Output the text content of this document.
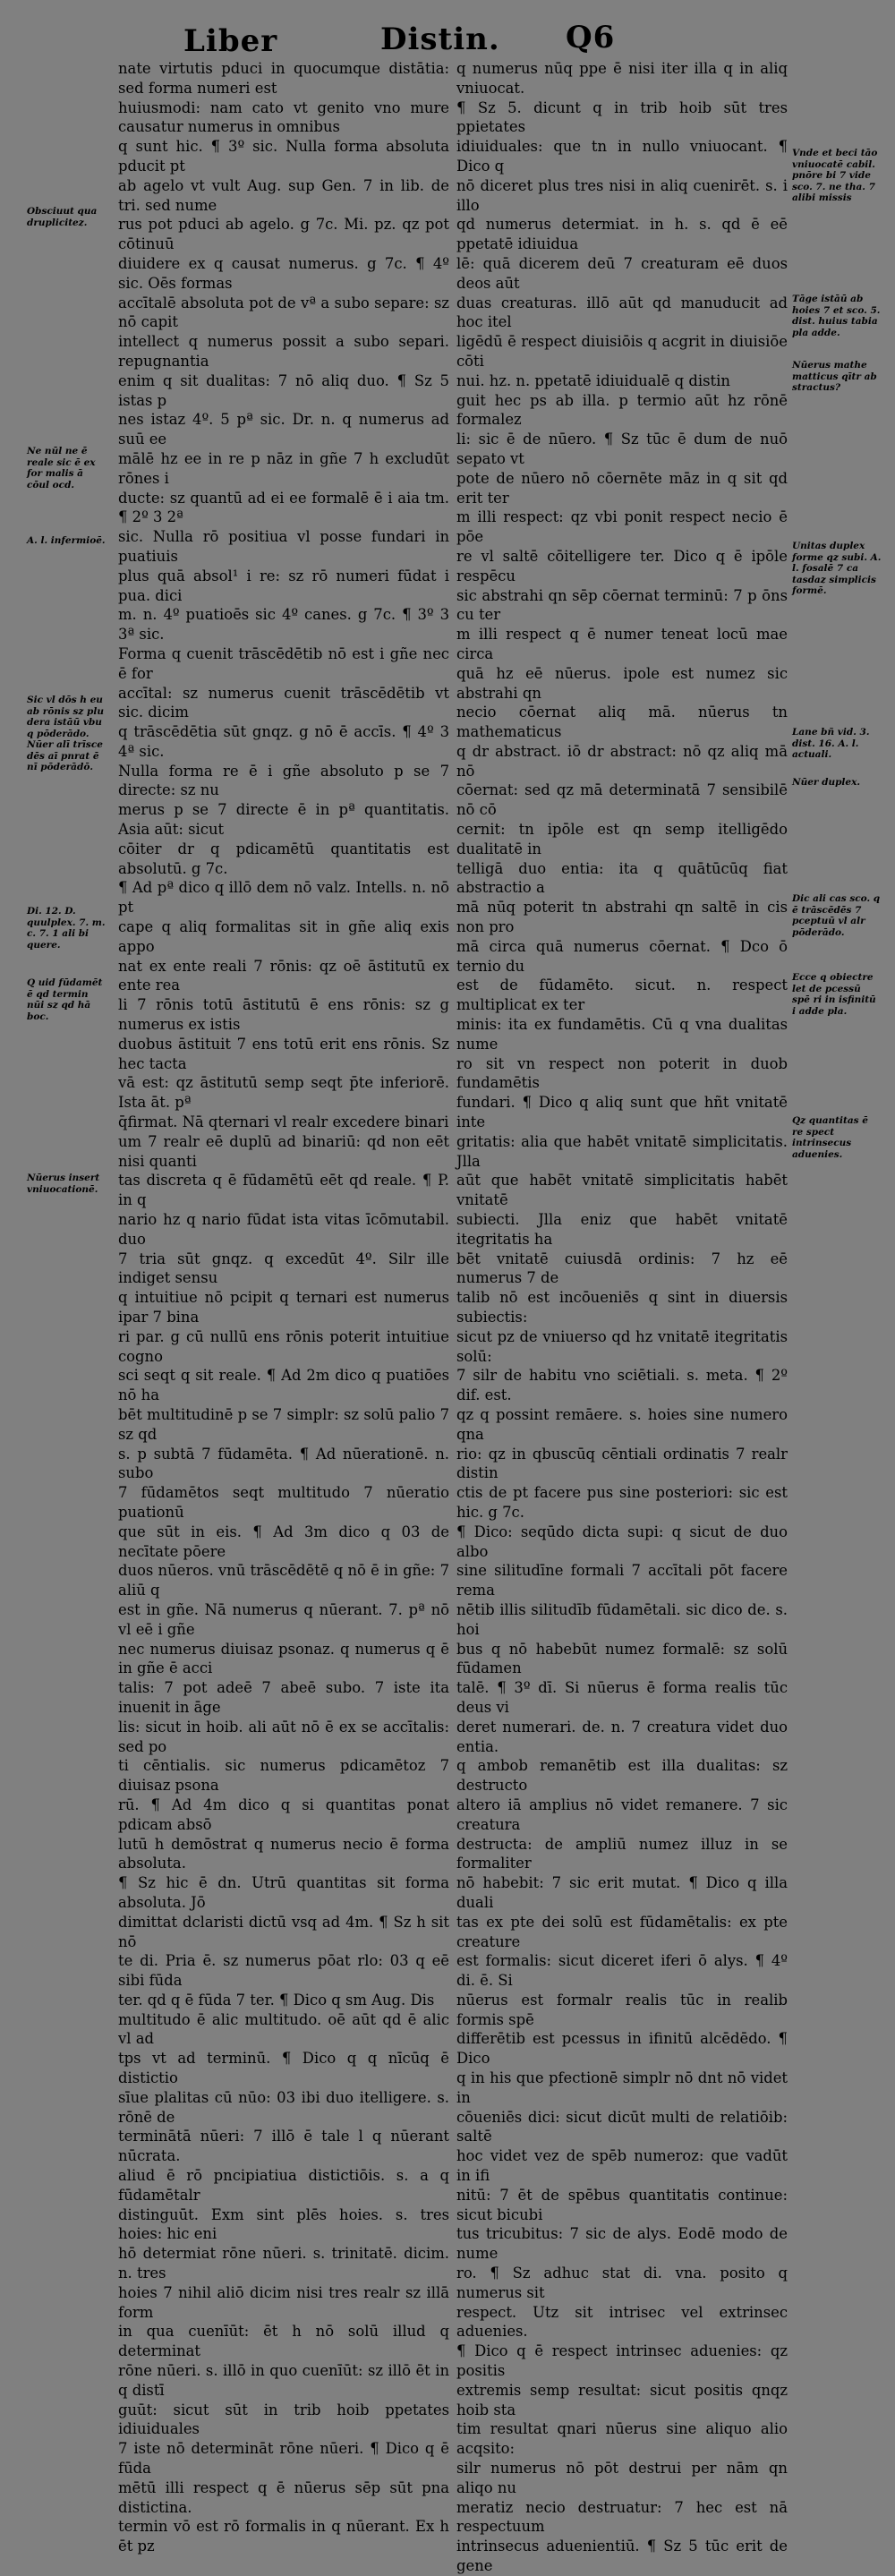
Liber	Distin. Q6

nate virtutis pduci in quocumque distātia: sed forma numeri est

huiusmodi: nam cato vt genito vno mure causatur numerus in omnibus

q sunt hic. ¶ 3º sic. Nulla forma absoluta pducit pt

ab agelo vt vult Aug. sup Gen. 7 in lib. de tri. sed nume

rus pot pduci ab agelo. g 7c. Mi. pz. qz pot cōtinuū

diuidere ex q causat numerus. g 7c. ¶ 4º sic. Oēs formas

accītalē absoluta pot de vª a subo separe: sz nō capit

intellect q numerus possit a subo separi. repugnantia

enim q sit dualitas: 7 nō aliq duo. ¶ Sz 5 istas p

nes istaz 4º. 5 pª sic. Dr. n. q numerus ad suū ee

mālē hz ee in re p nāz in gñe 7 h excludūt rōnes i

ducte: sz quantū ad ei ee formalē ē i aia tm. ¶ 2º 3 2ª

sic. Nulla rō positiua vl posse fundari in puatiuis

plus quā absol¹ i re: sz rō numeri fūdat i pua. dici

m. n. 4º puatioēs sic 4º canes. g 7c. ¶ 3º 3 3ª sic.

Forma q cuenit trāscēdētib nō est i gñe nec ē for

accītal: sz numerus cuenit trāscēdētib vt sic. dicim

q trāscēdētia sūt gnqz. g nō ē accīs. ¶ 4º 3 4ª sic.

Nulla forma re ē i gñe absoluto p se 7 directe: sz nu

merus p se 7 directe ē in pª quantitatis. Asia aūt: sicut

cōiter dr q pdicamētū quantitatis est absolutū. g 7c.

¶ Ad pª dico q illō dem nō valz. Intells. n. nō pt

cape q aliq formalitas sit in gñe aliq exis appo

nat ex ente reali 7 rōnis: qz oē āstitutū ex ente rea

li 7 rōnis totū āstitutū ē ens rōnis: sz g numerus ex istis

duobus āstituit 7 ens totū erit ens rōnis. Sz hec tacta

vā est: qz āstitutū semp seqt p̄te inferiorē. Ista āt. pª

q̄firmat. Nā qternari vl realr excedere binari

um 7 realr eē duplū ad binariū: qd non eēt nisi quanti

tas discreta q ē fūdamētū eēt qd reale. ¶ P. in q

nario hz q nario fūdat ista vitas īcōmutabil. duo

7 tria sūt gnqz. q excedūt 4º. Silr ille indiget sensu

q intuitiue nō pcipit q ternari est numerus ipar 7 bina

ri par. g cū nullū ens rōnis poterit intuitiue cogno

sci seqt q sit reale. ¶ Ad 2m dico q puatiōes nō ha

bēt multitudinē p se 7 simplr: sz solū palio 7 sz qd

s. p subtā 7 fūdamēta. ¶ Ad nūerationē. n. subo

7 fūdamētos seqt multitudo 7 nūeratio puationū

que sūt in eis. ¶ Ad 3m dico q 03 de necītate pōere

duos nūeros. vnū trāscēdētē q nō ē in gñe: 7 aliū q

est in gñe. Nā numerus q nūerant. 7. pª nō vl eē i gñe

nec numerus diuisaz psonaz. q numerus q ē in gñe ē acci

talis: 7 pot adeē 7 abeē subo. 7 iste ita inuenit in āge

lis: sicut in hoib. ali aūt nō ē ex se accītalis: sed po

ti cēntialis. sic numerus pdicamētoz 7 diuisaz psona

rū. ¶ Ad 4m dico q si quantitas ponat pdicam absō

lutū h demōstrat q numerus necio ē forma absoluta.

¶ Sz hic ē dn. Utrū quantitas sit forma absoluta. Jō

dimittat dclaristi dictū vsq ad 4m. ¶ Sz h sit nō

te di. Pria ē. sz numerus pōat rlo: 03 q eē sibi fūda

ter. qd q ē fūda 7 ter. ¶ Dico q sm Aug. Dis

multitudo ē alic multitudo. oē aūt qd ē alic vl ad

tps vt ad terminū. ¶ Dico q q nīcūq ē distictio

sīue plalitas cū nūo: 03 ibi duo itelligere. s. rōnē de

terminātā nūeri: 7 illō ē tale l q nūerant nūcrata.

aliud ē rō pncipiatiua distictiōis. s. a q fūdamētalr

distinguūt. Exm sint plēs hoies. s. tres hoies: hic eni

hō determiat rōne nūeri. s. trinitatē. dicim. n. tres

hoies 7 nihil aliō dicim nisi tres realr sz illā form

in qua cuenīūt: ēt h nō solū illud q determinat

rōne nūeri. s. illō in quo cuenīūt: sz illō ēt in q distī

guūt: sicut sūt in trib hoib ppetates idiuiduales

7 iste nō determināt rōne nūeri. ¶ Dico q ē fūda

mētū illi respect q ē nūerus sēp sūt pna distictina.

termin vō est rō formalis in q nūerant. Ex h ēt pz

q numerus nūq ppe ē nisi iter illa q in aliq vniuocat.

¶ Sz 5. dicunt q in trib hoib sūt tres ppietates

idiuiduales: que tn in nullo vniuocant. ¶ Dico q

nō diceret plus tres nisi in aliq cuenirēt. s. i illo

qd numerus determiat. in h. s. qd ē eē ppetatē idiuidua

lē: quā dicerem deū 7 creaturam eē duos deos aūt

duas creaturas. illō aūt qd manuducit ad hoc itel

ligēdū ē respect diuisiōis q acgrit in diuisiōe cōti

nui. hz. n. ppetatē idiuidualē q distin

guit hec ps ab illa. p termio aūt hz rōnē formalez

li: sic ē de nūero. ¶ Sz tūc ē dum de nuō sepato vt

pote de nūero nō cōernēte māz in q sit qd erit ter

m illi respect: qz vbi ponit respect necio ē pōe

re vl saltē cōitelligere ter. Dico q ē ipōle respēcu

sic abstrahi qn sēp cōernat terminū: 7 p ōns cu ter

m illi respect q ē numer teneat locū mae circa

quā hz eē nūerus. ipole est numez sic abstrahi qn

necio cōernat aliq mā. nūerus tn mathematicus

q dr abstract. iō dr abstract: nō qz aliq mā nō

cōernat: sed qz mā determinatā 7 sensibilē nō cō

cernit: tn ipōle est qn semp itelligēdo dualitatē in

telligā duo entia: ita q quātūcūq fiat abstractio a

mā nūq poterit tn abstrahi qn saltē in cis non pro

mā circa quā numerus cōernat. ¶ Dco ō ternio du

est de fūdamēto. sicut. n. respect multiplicat ex ter

minis: ita ex fundamētis. Cū q vna dualitas nume

ro sit vn respect non poterit in duob fundamētis

fundari. ¶ Dico q aliq sunt que hñt vnitatē inte

gritatis: alia que habēt vnitatē simplicitatis. Jlla

aūt que habēt vnitatē simplicitatis habēt vnitatē

subiecti. Jlla eniz que habēt vnitatē itegritatis ha

bēt vnitatē cuiusdā ordinis: 7 hz eē numerus 7 de

talib nō est incōueniēs q sint in diuersis subiectis:

sicut pz de vniuerso qd hz vnitatē itegritatis solū:

7 silr de habitu vno sciētiali. s. meta. ¶ 2º dif. est.

qz q possint remāere. s. hoies sine numero qna

rio: qz in qbuscūq cēntiali ordinatis 7 realr distin

ctis de pt facere pus sine posteriori: sic est hic. g 7c.

¶ Dico: seqūdo dicta supi: q sicut de duo albo

sine silitudīne formali 7 accītali pōt facere rema

nētib illis silitudīb fūdamētali. sic dico de. s. hoi

bus q nō habebūt numez formalē: sz solū fūdamen

talē. ¶ 3º dī. Si nūerus ē forma realis tūc deus vi

deret numerari. de. n. 7 creatura videt duo entia.

q ambob remanētib est illa dualitas: sz destructo

altero iā amplius nō videt remanere. 7 sic creatura

destructa: de ampliū numez illuz in se formaliter

nō habebit: 7 sic erit mutat. ¶ Dico q illa duali

tas ex pte dei solū est fūdamētalis: ex pte creature

est formalis: sicut diceret iferi ō alys. ¶ 4º di. ē. Si

nūerus est formalr realis tūc in realib formis spē

differētib est pcessus in ifinitū alcēdēdo. ¶ Dico

q in his que pfectionē simplr nō dnt nō videt in

cōueniēs dici: sicut dicūt multi de relatiōib: saltē

hoc videt vez de spēb numeroz: que vadūt in ifi

nitū: 7 ēt de spēbus quantitatis continue: sicut bicubi

tus tricubitus: 7 sic de alys. Eodē modo de nume

ro. ¶ Sz adhuc stat di. vna. posito q numerus sit

respect. Utz sit intrisec vel extrinsec aduenies.

¶ Dico q ē respect intrinsec aduenies: qz positis

extremis semp resultat: sicut positis qnqz hoib sta

tim resultat qnari nūerus sine aliquo alio acqsito:

silr numerus nō pōt destrui per nām qn aliqo nu

meratiz necio destruatur: 7 hec est nā respectuum

intrinsecus aduenientiū. ¶ Sz 5 tūc erit de gene

Obsciuut qua druplicitez.
Ne nūl ne ē reale sic ē ex for malis ā cōul ocd.
A. l. infermioē.
Sic vl dōs h eu ab rōnis sz plu dera istāū vbu q pōderādo. Nūer alī trīsce dēs aī pnrat ē nī pōderādō.
Di. 12. D. quulplex. 7. m. c. 7. 1 ali bi quere.
Q uid fūdamēt ē qd termin nūi sz qd hā boc.
Nūerus insert vniuocationē.
Vnde et beci tāo vniuocatē cabil. pnōre bi 7 vide sco. 7. ne tha. 7 alibi missis
Tāge istāū ab hoies 7 et sco. 5. dist. huius tabia pla adde.
Nūerus mathe matticus qītr ab stractus?
Unitas duplex forme qz subi. A. l. fosalē 7 ca tasdaz simplicis formē.
Lane bñ vid. 3. dist. 16. A. l. actuali.
Nūer duplex.
Dic ali cas sco. q ē trāscēdēs 7 pceptuū vl alr pōderādo.
Ecce q obiectre let de pcessū spē ri in isfinitū i adde pla.
Qz quantitas ē re spect intrinsecus aduenies.
